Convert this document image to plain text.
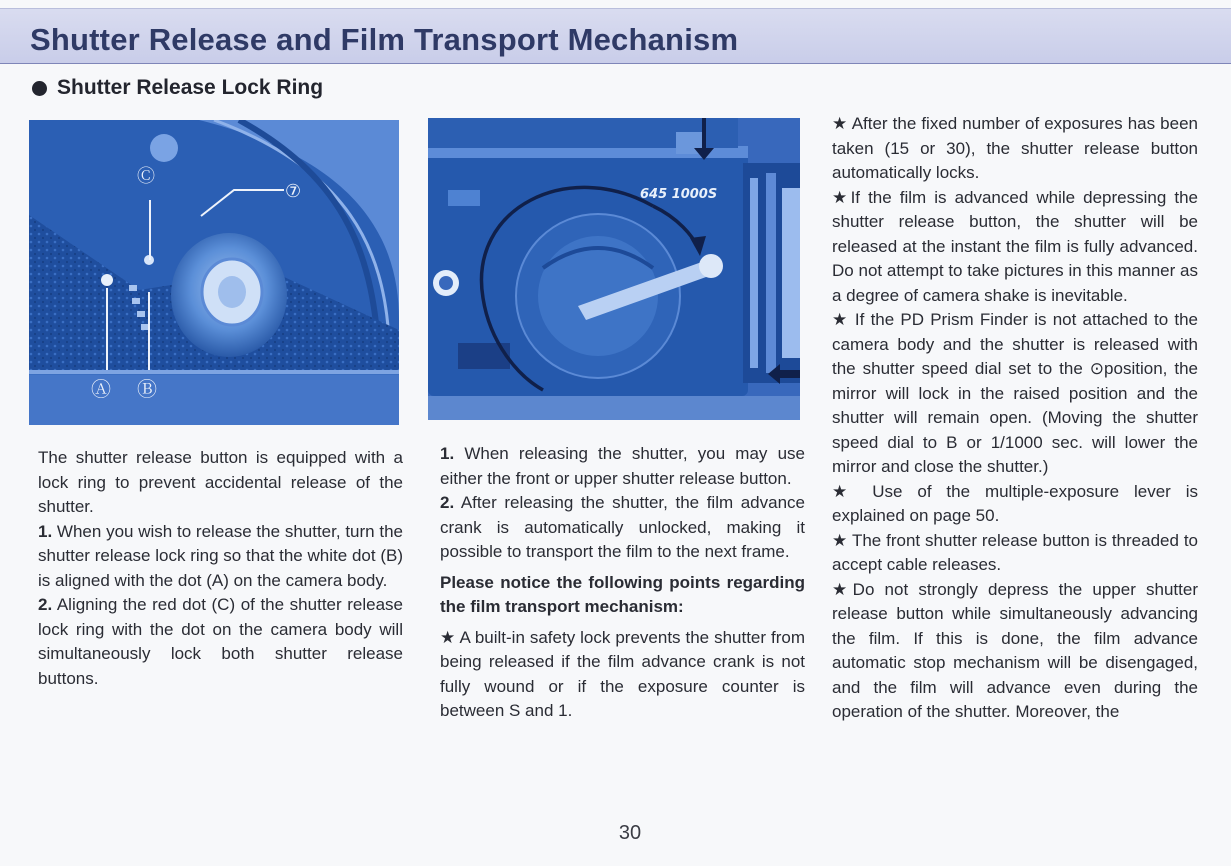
Shutter Release and Film Transport Mechanism
Shutter Release Lock Ring
Ⓒ
⑦
Ⓐ Ⓑ
645 1000S

The shutter release button is equipped with a lock ring to prevent accidental release of the shutter.

1. When you wish to release the shutter, turn the shutter release lock ring so that the white dot (B) is aligned with the dot (A) on the camera body.

2. Aligning the red dot (C) of the shutter release lock ring with the dot on the camera body will simultaneously lock both shutter release buttons.

1. When releasing the shutter, you may use either the front or upper shutter release button.

2. After releasing the shutter, the film advance crank is automatically unlocked, making it possible to transport the film to the next frame.

Please notice the following points regarding the film transport mechanism:

★ A built-in safety lock prevents the shutter from being released if the film advance crank is not fully wound or if the exposure counter is between S and 1.

★ After the fixed number of exposures has been taken (15 or 30), the shutter release button automatically locks.

★If the film is advanced while depressing the shutter release button, the shutter will be released at the instant the film is fully advanced. Do not attempt to take pictures in this manner as a degree of camera shake is inevitable.

★ If the PD Prism Finder is not attached to the camera body and the shutter is released with the shutter speed dial set to the ⊙position, the mirror will lock in the raised position and the shutter will remain open. (Moving the shutter speed dial to B or 1/1000 sec. will lower the mirror and close the shutter.)

★ Use of the multiple-exposure lever is explained on page 50.

★ The front shutter release button is threaded to accept cable releases.

★Do not strongly depress the upper shutter release button while simultaneously advancing the film. If this is done, the film advance automatic stop mechanism will be disengaged, and the film will advance even during the operation of the shutter. Moreover, the

30
